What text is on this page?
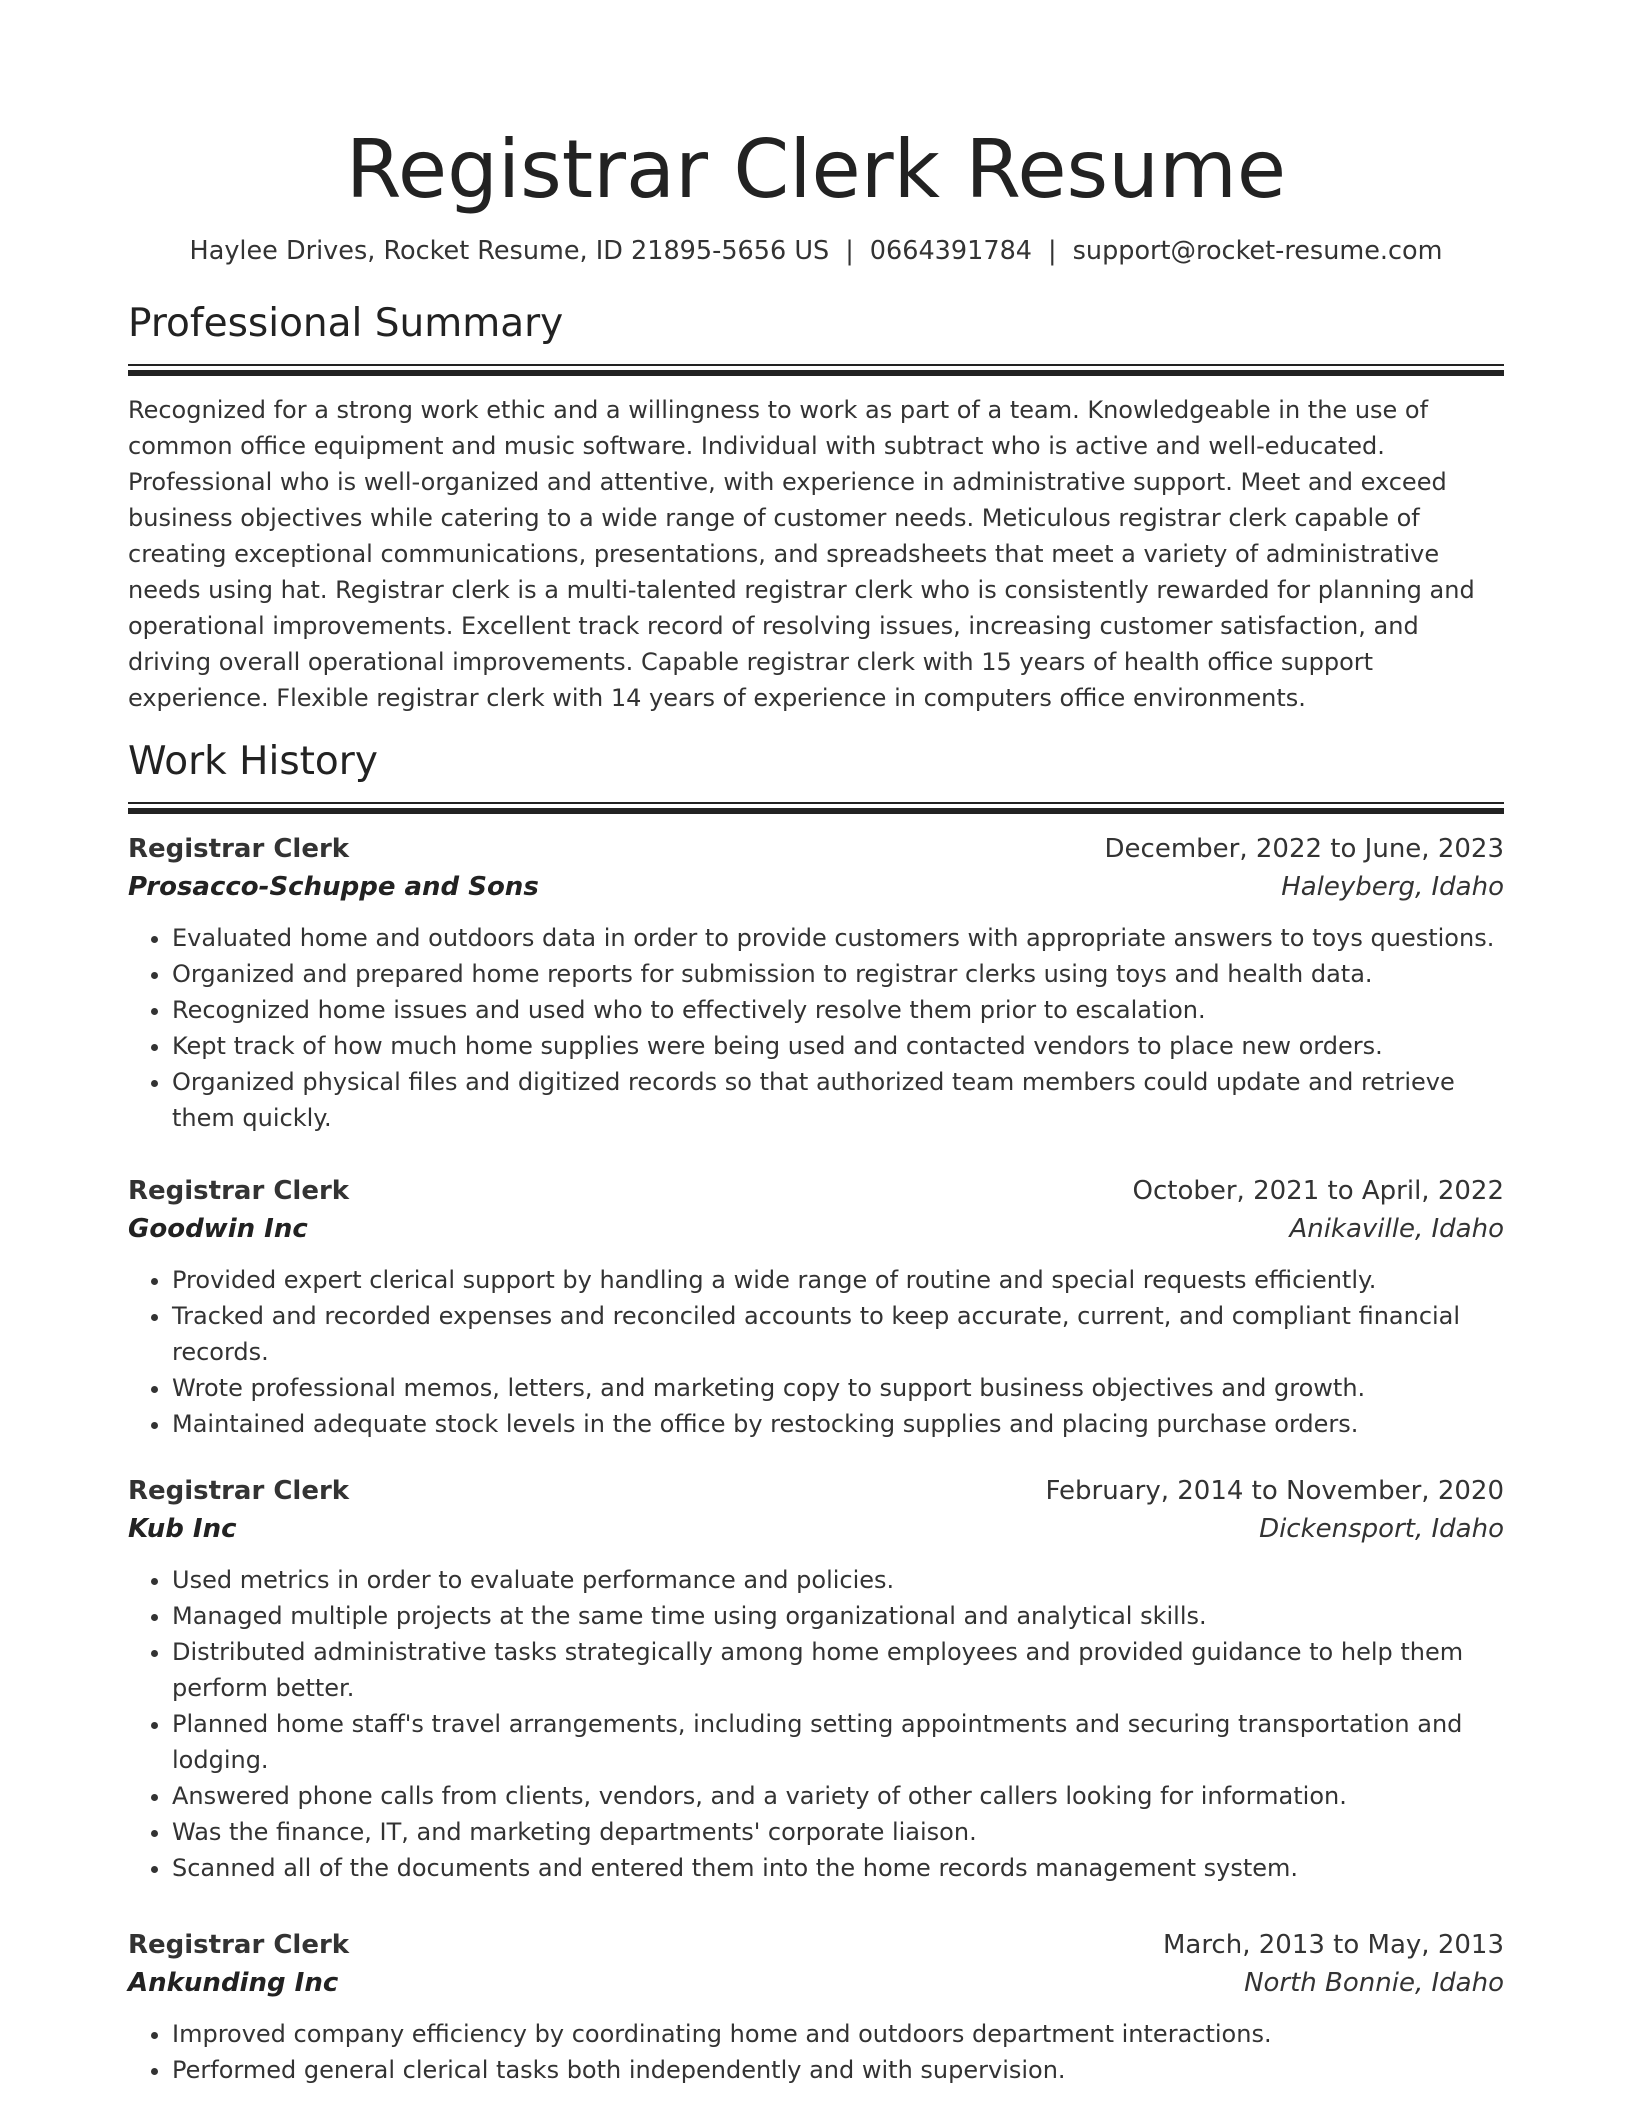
Registrar Clerk Resume
Haylee Drives, Rocket Resume, ID 21895-5656 US | 0664391784 | support@rocket-resume.com
Professional Summary

Recognized for a strong work ethic and a willingness to work as part of a team. Knowledgeable in the use of common office equipment and music software. Individual with subtract who is active and well-educated. Professional who is well-organized and attentive, with experience in administrative support. Meet and exceed business objectives while catering to a wide range of customer needs. Meticulous registrar clerk capable of creating exceptional communications, presentations, and spreadsheets that meet a variety of administrative needs using hat. Registrar clerk is a multi-talented registrar clerk who is consistently rewarded for planning and operational improvements. Excellent track record of resolving issues, increasing customer satisfaction, and driving overall operational improvements. Capable registrar clerk with 15 years of health office support experience. Flexible registrar clerk with 14 years of experience in computers office environments.

Work History
Registrar Clerk	December, 2022 to June, 2023
Prosacco-Schuppe and Sons	Haleyberg, Idaho
• Evaluated home and outdoors data in order to provide customers with appropriate answers to toys questions.
• Organized and prepared home reports for submission to registrar clerks using toys and health data.
• Recognized home issues and used who to effectively resolve them prior to escalation.
• Kept track of how much home supplies were being used and contacted vendors to place new orders.
• Organized physical files and digitized records so that authorized team members could update and retrieve them quickly.
Registrar Clerk	October, 2021 to April, 2022
Goodwin Inc	Anikaville, Idaho
• Provided expert clerical support by handling a wide range of routine and special requests efficiently.
• Tracked and recorded expenses and reconciled accounts to keep accurate, current, and compliant financial records.
• Wrote professional memos, letters, and marketing copy to support business objectives and growth.
• Maintained adequate stock levels in the office by restocking supplies and placing purchase orders.
Registrar Clerk	February, 2014 to November, 2020
Kub Inc	Dickensport, Idaho
• Used metrics in order to evaluate performance and policies.
• Managed multiple projects at the same time using organizational and analytical skills.
• Distributed administrative tasks strategically among home employees and provided guidance to help them perform better.
• Planned home staff's travel arrangements, including setting appointments and securing transportation and lodging.
• Answered phone calls from clients, vendors, and a variety of other callers looking for information.
• Was the finance, IT, and marketing departments' corporate liaison.
• Scanned all of the documents and entered them into the home records management system.
Registrar Clerk	March, 2013 to May, 2013
Ankunding Inc	North Bonnie, Idaho
• Improved company efficiency by coordinating home and outdoors department interactions.
• Performed general clerical tasks both independently and with supervision.
